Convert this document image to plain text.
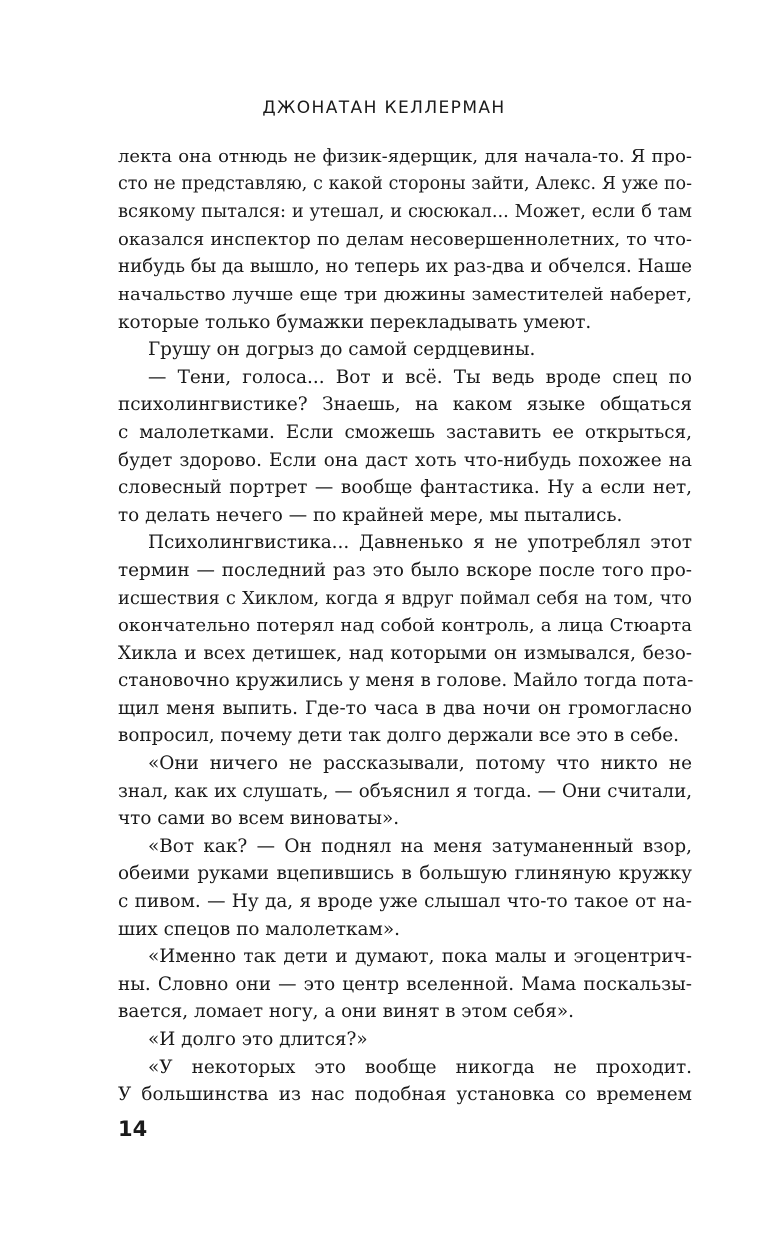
ДЖОНАТАН КЕЛЛЕРМАН
лекта она отнюдь не физик-ядерщик, для начала-то. Я про-
сто не представляю, с какой стороны зайти, Алекс. Я уже по-
всякому пытался: и утешал, и сюсюкал... Может, если б там
оказался инспектор по делам несовершеннолетних, то что-
нибудь бы да вышло, но теперь их раз-два и обчелся. Наше
начальство лучше еще три дюжины заместителей наберет,
которые только бумажки перекладывать умеют.
Грушу он догрыз до самой сердцевины.
— Тени, голоса... Вот и всё. Ты ведь вроде спец по
психолингвистике? Знаешь, на каком языке общаться
с малолетками. Если сможешь заставить ее открыться,
будет здорово. Если она даст хоть что-нибудь похожее на
словесный портрет — вообще фантастика. Ну а если нет,
то делать нечего — по крайней мере, мы пытались.
Психолингвистика... Давненько я не употреблял этот
термин — последний раз это было вскоре после того про-
исшествия с Хиклом, когда я вдруг поймал себя на том, что
окончательно потерял над собой контроль, а лица Стюарта
Хикла и всех детишек, над которыми он измывался, безо-
становочно кружились у меня в голове. Майло тогда пота-
щил меня выпить. Где-то часа в два ночи он громогласно
вопросил, почему дети так долго держали все это в себе.
«Они ничего не рассказывали, потому что никто не
знал, как их слушать, — объяснил я тогда. — Они считали,
что сами во всем виноваты».
«Вот как? — Он поднял на меня затуманенный взор,
обеими руками вцепившись в большую глиняную кружку
с пивом. — Ну да, я вроде уже слышал что-то такое от на-
ших спецов по малолеткам».
«Именно так дети и думают, пока малы и эгоцентрич-
ны. Словно они — это центр вселенной. Мама поскальзы-
вается, ломает ногу, а они винят в этом себя».
«И долго это длится?»
«У некоторых это вообще никогда не проходит.
У большинства из нас подобная установка со временем
14
